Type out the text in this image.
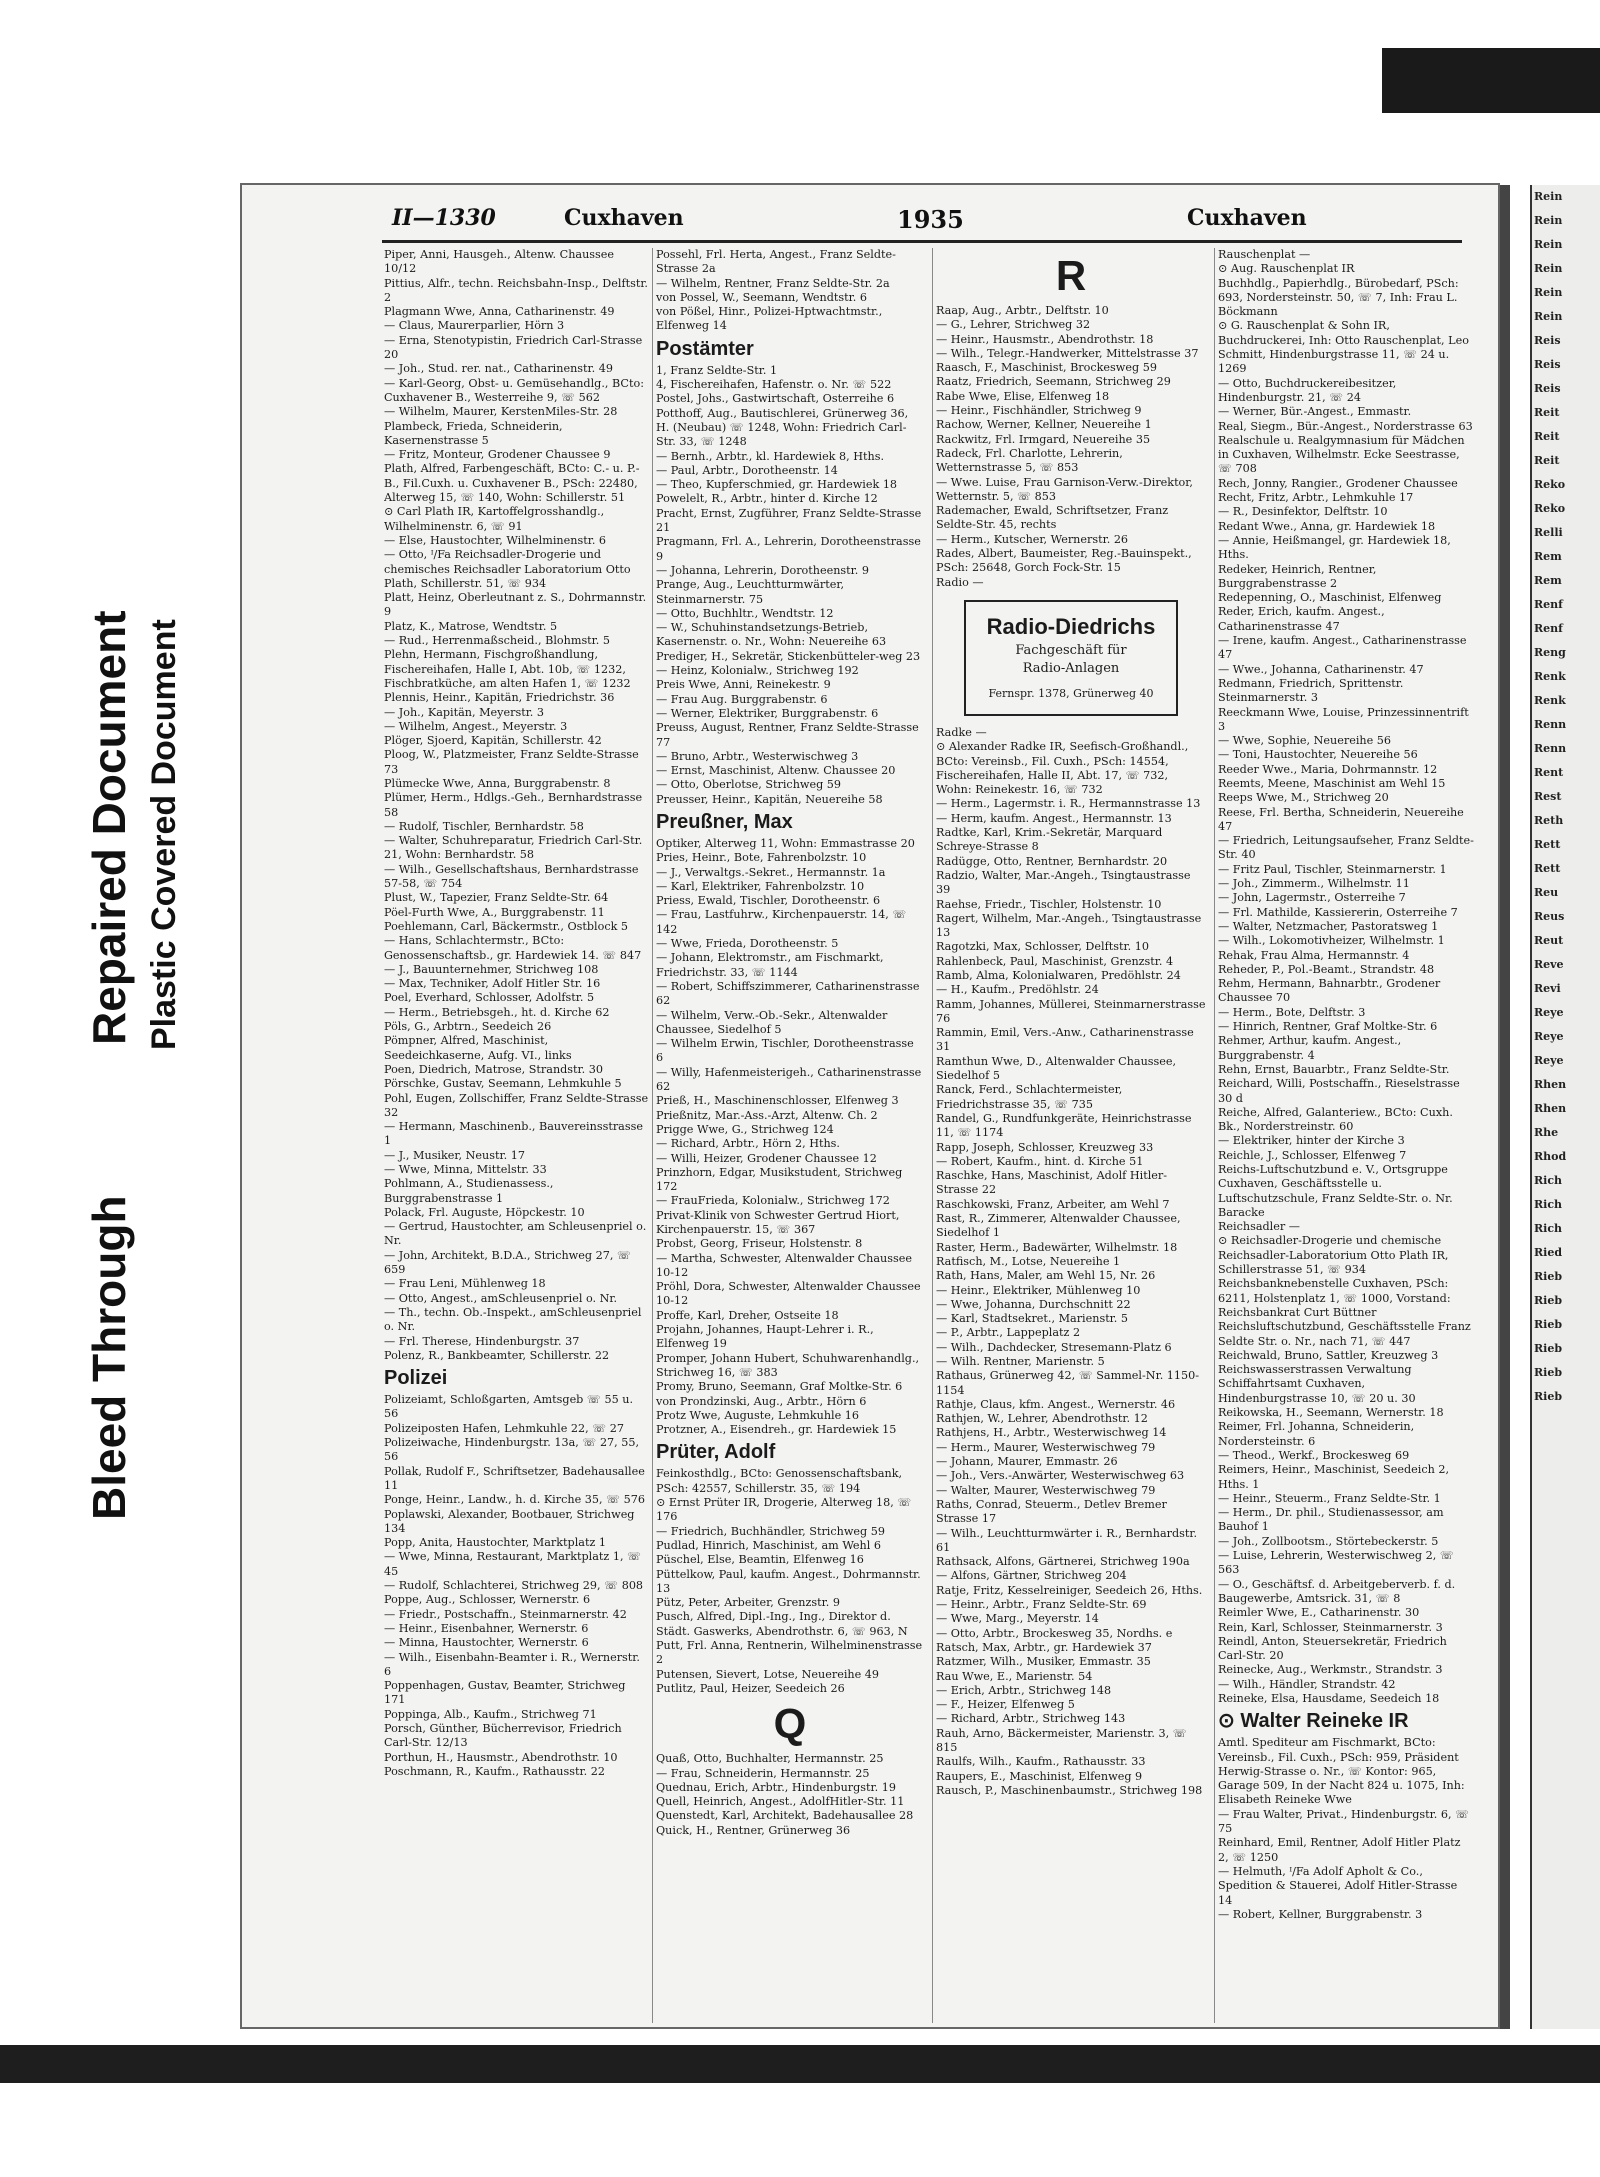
Bleed Through
Repaired Document Plastic Covered Document
II—1330	Cuxhaven	1935	Cuxhaven
Piper, Anni, Hausgeh., Altenw. Chaussee 10/12
Pittius, Alfr., techn. Reichsbahn-Insp., Delftstr. 2
Plagmann Wwe, Anna, Catharinenstr. 49
— Claus, Maurerparlier, Hörn 3
— Erna, Stenotypistin, Friedrich Carl-Strasse 20
— Joh., Stud. rer. nat., Catharinenstr. 49
— Karl-Georg, Obst- u. Gemüsehandlg., BCto: Cuxhavener B., Westerreihe 9, ☏ 562
— Wilhelm, Maurer, KerstenMiles-Str. 28
Plambeck, Frieda, Schneiderin, Kasernenstrasse 5
— Fritz, Monteur, Grodener Chaussee 9
Plath, Alfred, Farbengeschäft, BCto: C.- u. P.-B., Fil.Cuxh. u. Cuxhavener B., PSch: 22480, Alterweg 15, ☏ 140, Wohn: Schillerstr. 51
⊙ Carl Plath IR, Kartoffelgrosshandlg., Wilhelminenstr. 6, ☏ 91
— Else, Haustochter, Wilhelminenstr. 6
— Otto, ᴵ/Fa Reichsadler-Drogerie und chemisches Reichsadler Laboratorium Otto Plath, Schillerstr. 51, ☏ 934
Platt, Heinz, Oberleutnant z. S., Dohrmannstr. 9
Platz, K., Matrose, Wendtstr. 5
— Rud., Herrenmaßscheid., Blohmstr. 5
Plehn, Hermann, Fischgroßhandlung, Fischereihafen, Halle I, Abt. 10b, ☏ 1232, Fischbratküche, am alten Hafen 1, ☏ 1232
Plennis, Heinr., Kapitän, Friedrichstr. 36
— Joh., Kapitän, Meyerstr. 3
— Wilhelm, Angest., Meyerstr. 3
Plöger, Sjoerd, Kapitän, Schillerstr. 42
Ploog, W., Platzmeister, Franz Seldte-Strasse 73
Plümecke Wwe, Anna, Burggrabenstr. 8
Plümer, Herm., Hdlgs.-Geh., Bernhardstrasse 58
— Rudolf, Tischler, Bernhardstr. 58
— Walter, Schuhreparatur, Friedrich Carl-Str. 21, Wohn: Bernhardstr. 58
— Wilh., Gesellschaftshaus, Bernhardstrasse 57-58, ☏ 754
Plust, W., Tapezier, Franz Seldte-Str. 64
Pöel-Furth Wwe, A., Burggrabenstr. 11
Poehlemann, Carl, Bäckermstr., Ostblock 5
— Hans, Schlachtermstr., BCto: Genossenschaftsb., gr. Hardewiek 14. ☏ 847
— J., Bauunternehmer, Strichweg 108
— Max, Techniker, Adolf Hitler Str. 16
Poel, Everhard, Schlosser, Adolfstr. 5
— Herm., Betriebsgeh., ht. d. Kirche 62
Pöls, G., Arbtrn., Seedeich 26
Pömpner, Alfred, Maschinist, Seedeichkaserne, Aufg. VI., links
Poen, Diedrich, Matrose, Strandstr. 30
Pörschke, Gustav, Seemann, Lehmkuhle 5
Pohl, Eugen, Zollschiffer, Franz Seldte-Strasse 32
— Hermann, Maschinenb., Bauvereinsstrasse 1
— J., Musiker, Neustr. 17
— Wwe, Minna, Mittelstr. 33
Pohlmann, A., Studienassess., Burggrabenstrasse 1
Polack, Frl. Auguste, Höpckestr. 10
— Gertrud, Haustochter, am Schleusenpriel o. Nr.
— John, Architekt, B.D.A., Strichweg 27, ☏ 659
— Frau Leni, Mühlenweg 18
— Otto, Angest., amSchleusenpriel o. Nr.
— Th., techn. Ob.-Inspekt., amSchleusenpriel o. Nr.
— Frl. Therese, Hindenburgstr. 37
Polenz, R., Bankbeamter, Schillerstr. 22
Polizei
Polizeiamt, Schloßgarten, Amtsgeb ☏ 55 u. 56
Polizeiposten Hafen, Lehmkuhle 22, ☏ 27
Polizeiwache, Hindenburgstr. 13a, ☏ 27, 55, 56
Pollak, Rudolf F., Schriftsetzer, Badehausallee 11
Ponge, Heinr., Landw., h. d. Kirche 35, ☏ 576
Poplawski, Alexander, Bootbauer, Strichweg 134
Popp, Anita, Haustochter, Marktplatz 1
— Wwe, Minna, Restaurant, Marktplatz 1, ☏ 45
— Rudolf, Schlachterei, Strichweg 29, ☏ 808
Poppe, Aug., Schlosser, Wernerstr. 6
— Friedr., Postschaffn., Steinmarnerstr. 42
— Heinr., Eisenbahner, Wernerstr. 6
— Minna, Haustochter, Wernerstr. 6
— Wilh., Eisenbahn-Beamter i. R., Wernerstr. 6
Poppenhagen, Gustav, Beamter, Strichweg 171
Poppinga, Alb., Kaufm., Strichweg 71
Porsch, Günther, Bücherrevisor, Friedrich Carl-Str. 12/13
Porthun, H., Hausmstr., Abendrothstr. 10
Poschmann, R., Kaufm., Rathausstr. 22
Possehl, Frl. Herta, Angest., Franz Seldte-Strasse 2a
— Wilhelm, Rentner, Franz Seldte-Str. 2a
von Possel, W., Seemann, Wendtstr. 6
von Pößel, Hinr., Polizei-Hptwachtmstr., Elfenweg 14
Postämter
1, Franz Seldte-Str. 1
4, Fischereihafen, Hafenstr. o. Nr. ☏ 522
Postel, Johs., Gastwirtschaft, Osterreihe 6
Potthoff, Aug., Bautischlerei, Grünerweg 36, H. (Neubau) ☏ 1248, Wohn: Friedrich Carl-Str. 33, ☏ 1248
— Bernh., Arbtr., kl. Hardewiek 8, Hths.
— Paul, Arbtr., Dorotheenstr. 14
— Theo, Kupferschmied, gr. Hardewiek 18
Powelelt, R., Arbtr., hinter d. Kirche 12
Pracht, Ernst, Zugführer, Franz Seldte-Strasse 21
Pragmann, Frl. A., Lehrerin, Dorotheenstrasse 9
— Johanna, Lehrerin, Dorotheenstr. 9
Prange, Aug., Leuchtturmwärter, Steinmarnerstr. 75
— Otto, Buchhltr., Wendtstr. 12
— W., Schuhinstandsetzungs-Betrieb, Kasernenstr. o. Nr., Wohn: Neuereihe 63
Prediger, H., Sekretär, Stickenbütteler-weg 23
— Heinz, Kolonialw., Strichweg 192
Preis Wwe, Anni, Reinekestr. 9
— Frau Aug. Burggrabenstr. 6
— Werner, Elektriker, Burggrabenstr. 6
Preuss, August, Rentner, Franz Seldte-Strasse 77
— Bruno, Arbtr., Westerwischweg 3
— Ernst, Maschinist, Altenw. Chaussee 20
— Otto, Oberlotse, Strichweg 59
Preusser, Heinr., Kapitän, Neuereihe 58
Preußner, Max
Optiker, Alterweg 11, Wohn: Emmastrasse 20
Pries, Heinr., Bote, Fahrenbolzstr. 10
— J., Verwaltgs.-Sekret., Hermannstr. 1a
— Karl, Elektriker, Fahrenbolzstr. 10
Priess, Ewald, Tischler, Dorotheenstr. 6
— Frau, Lastfuhrw., Kirchenpauerstr. 14, ☏ 142
— Wwe, Frieda, Dorotheenstr. 5
— Johann, Elektromstr., am Fischmarkt, Friedrichstr. 33, ☏ 1144
— Robert, Schiffszimmerer, Catharinenstrasse 62
— Wilhelm, Verw.-Ob.-Sekr., Altenwalder Chaussee, Siedelhof 5
— Wilhelm Erwin, Tischler, Dorotheenstrasse 6
— Willy, Hafenmeisterigeh., Catharinenstrasse 62
Prieß, H., Maschinenschlosser, Elfenweg 3
Prießnitz, Mar.-Ass.-Arzt, Altenw. Ch. 2
Prigge Wwe, G., Strichweg 124
— Richard, Arbtr., Hörn 2, Hths.
— Willi, Heizer, Grodener Chaussee 12
Prinzhorn, Edgar, Musikstudent, Strichweg 172
— FrauFrieda, Kolonialw., Strichweg 172
Privat-Klinik von Schwester Gertrud Hiort, Kirchenpauerstr. 15, ☏ 367
Probst, Georg, Friseur, Holstenstr. 8
— Martha, Schwester, Altenwalder Chaussee 10-12
Pröhl, Dora, Schwester, Altenwalder Chaussee 10-12
Proffe, Karl, Dreher, Ostseite 18
Projahn, Johannes, Haupt-Lehrer i. R., Elfenweg 19
Promper, Johann Hubert, Schuhwarenhandlg., Strichweg 16, ☏ 383
Promy, Bruno, Seemann, Graf Moltke-Str. 6
von Prondzinski, Aug., Arbtr., Hörn 6
Protz Wwe, Auguste, Lehmkuhle 16
Protzner, A., Eisendreh., gr. Hardewiek 15
Prüter, Adolf
Feinkosthdlg., BCto: Genossenschaftsbank, PSch: 42557, Schillerstr. 35, ☏ 194
⊙ Ernst Prüter IR, Drogerie, Alterweg 18, ☏ 176
— Friedrich, Buchhändler, Strichweg 59
Pudlad, Hinrich, Maschinist, am Wehl 6
Püschel, Else, Beamtin, Elfenweg 16
Püttelkow, Paul, kaufm. Angest., Dohrmannstr. 13
Pütz, Peter, Arbeiter, Grenzstr. 9
Pusch, Alfred, Dipl.-Ing., Ing., Direktor d. Städt. Gaswerks, Abendrothstr. 6, ☏ 963, N
Putt, Frl. Anna, Rentnerin, Wilhelminenstrasse 2
Putensen, Sievert, Lotse, Neuereihe 49
Putlitz, Paul, Heizer, Seedeich 26
Q
Quaß, Otto, Buchhalter, Hermannstr. 25
— Frau, Schneiderin, Hermannstr. 25
Quednau, Erich, Arbtr., Hindenburgstr. 19
Quell, Heinrich, Angest., AdolfHitler-Str. 11
Quenstedt, Karl, Architekt, Badehausallee 28
Quick, H., Rentner, Grünerweg 36
R
Raap, Aug., Arbtr., Delftstr. 10
— G., Lehrer, Strichweg 32
— Heinr., Hausmstr., Abendrothstr. 18
— Wilh., Telegr.-Handwerker, Mittelstrasse 37
Raasch, F., Maschinist, Brockesweg 59
Raatz, Friedrich, Seemann, Strichweg 29
Rabe Wwe, Elise, Elfenweg 18
— Heinr., Fischhändler, Strichweg 9
Rachow, Werner, Kellner, Neuereihe 1
Rackwitz, Frl. Irmgard, Neuereihe 35
Radeck, Frl. Charlotte, Lehrerin, Wetternstrasse 5, ☏ 853
— Wwe. Luise, Frau Garnison-Verw.-Direktor, Wetternstr. 5, ☏ 853
Rademacher, Ewald, Schriftsetzer, Franz Seldte-Str. 45, rechts
— Herm., Kutscher, Wernerstr. 26
Rades, Albert, Baumeister, Reg.-Bauinspekt., PSch: 25648, Gorch Fock-Str. 15
Radio —
Radio-Diedrichs
Fachgeschäft für
Radio-Anlagen
Fernspr. 1378, Grünerweg 40
Radke —
⊙ Alexander Radke IR, Seefisch-Großhandl., BCto: Vereinsb., Fil. Cuxh., PSch: 14554, Fischereihafen, Halle II, Abt. 17, ☏ 732, Wohn: Reinekestr. 16, ☏ 732
— Herm., Lagermstr. i. R., Hermannstrasse 13
— Herm, kaufm. Angest., Hermannstr. 13
Radtke, Karl, Krim.-Sekretär, Marquard Schreye-Strasse 8
Radügge, Otto, Rentner, Bernhardstr. 20
Radzio, Walter, Mar.-Angeh., Tsingtaustrasse 39
Raehse, Friedr., Tischler, Holstenstr. 10
Ragert, Wilhelm, Mar.-Angeh., Tsingtaustrasse 13
Ragotzki, Max, Schlosser, Delftstr. 10
Rahlenbeck, Paul, Maschinist, Grenzstr. 4
Ramb, Alma, Kolonialwaren, Predöhlstr. 24
— H., Kaufm., Predöhlstr. 24
Ramm, Johannes, Müllerei, Steinmarnerstrasse 76
Rammin, Emil, Vers.-Anw., Catharinenstrasse 31
Ramthun Wwe, D., Altenwalder Chaussee, Siedelhof 5
Ranck, Ferd., Schlachtermeister, Friedrichstrasse 35, ☏ 735
Randel, G., Rundfunkgeräte, Heinrichstrasse 11, ☏ 1174
Rapp, Joseph, Schlosser, Kreuzweg 33
— Robert, Kaufm., hint. d. Kirche 51
Raschke, Hans, Maschinist, Adolf Hitler-Strasse 22
Raschkowski, Franz, Arbeiter, am Wehl 7
Rast, R., Zimmerer, Altenwalder Chaussee, Siedelhof 1
Raster, Herm., Badewärter, Wilhelmstr. 18
Ratfisch, M., Lotse, Neuereihe 1
Rath, Hans, Maler, am Wehl 15, Nr. 26
— Heinr., Elektriker, Mühlenweg 10
— Wwe, Johanna, Durchschnitt 22
— Karl, Stadtsekret., Marienstr. 5
— P., Arbtr., Lappeplatz 2
— Wilh., Dachdecker, Stresemann-Platz 6
— Wilh. Rentner, Marienstr. 5
Rathaus, Grünerweg 42, ☏ Sammel-Nr. 1150-1154
Rathje, Claus, kfm. Angest., Wernerstr. 46
Rathjen, W., Lehrer, Abendrothstr. 12
Rathjens, H., Arbtr., Westerwischweg 14
— Herm., Maurer, Westerwischweg 79
— Johann, Maurer, Emmastr. 26
— Joh., Vers.-Anwärter, Westerwischweg 63
— Walter, Maurer, Westerwischweg 79
Raths, Conrad, Steuerm., Detlev Bremer Strasse 17
— Wilh., Leuchtturmwärter i. R., Bernhardstr. 61
Rathsack, Alfons, Gärtnerei, Strichweg 190a
— Alfons, Gärtner, Strichweg 204
Ratje, Fritz, Kesselreiniger, Seedeich 26, Hths.
— Heinr., Arbtr., Franz Seldte-Str. 69
— Wwe, Marg., Meyerstr. 14
— Otto, Arbtr., Brockesweg 35, Nordhs. e
Ratsch, Max, Arbtr., gr. Hardewiek 37
Ratzmer, Wilh., Musiker, Emmastr. 35
Rau Wwe, E., Marienstr. 54
— Erich, Arbtr., Strichweg 148
— F., Heizer, Elfenweg 5
— Richard, Arbtr., Strichweg 143
Rauh, Arno, Bäckermeister, Marienstr. 3, ☏ 815
Raulfs, Wilh., Kaufm., Rathausstr. 33
Raupers, E., Maschinist, Elfenweg 9
Rausch, P., Maschinenbaumstr., Strichweg 198
Rauschenplat —
⊙ Aug. Rauschenplat IR
Buchhdlg., Papierhdlg., Bürobedarf, PSch: 693, Nordersteinstr. 50, ☏ 7, Inh: Frau L. Böckmann
⊙ G. Rauschenplat & Sohn IR, Buchdruckerei, Inh: Otto Rauschenplat, Leo Schmitt, Hindenburgstrasse 11, ☏ 24 u. 1269
— Otto, Buchdruckereibesitzer, Hindenburgstr. 21, ☏ 24
— Werner, Bür.-Angest., Emmastr.
Real, Siegm., Bür.-Angest., Norderstrasse 63
Realschule u. Realgymnasium für Mädchen in Cuxhaven, Wilhelmstr. Ecke Seestrasse, ☏ 708
Rech, Jonny, Rangier., Grodener Chaussee
Recht, Fritz, Arbtr., Lehmkuhle 17
— R., Desinfektor, Delftstr. 10
Redant Wwe., Anna, gr. Hardewiek 18
— Annie, Heißmangel, gr. Hardewiek 18, Hths.
Redeker, Heinrich, Rentner, Burggrabenstrasse 2
Redepenning, O., Maschinist, Elfenweg
Reder, Erich, kaufm. Angest., Catharinenstrasse 47
— Irene, kaufm. Angest., Catharinenstrasse 47
— Wwe., Johanna, Catharinenstr. 47
Redmann, Friedrich, Sprittenstr. Steinmarnerstr. 3
Reeckmann Wwe, Louise, Prinzessinnentrift 3
— Wwe, Sophie, Neuereihe 56
— Toni, Haustochter, Neuereihe 56
Reeder Wwe., Maria, Dohrmannstr. 12
Reemts, Meene, Maschinist am Wehl 15
Reeps Wwe, M., Strichweg 20
Reese, Frl. Bertha, Schneiderin, Neuereihe 47
— Friedrich, Leitungsaufseher, Franz Seldte-Str. 40
— Fritz Paul, Tischler, Steinmarnerstr. 1
— Joh., Zimmerm., Wilhelmstr. 11
— John, Lagermstr., Osterreihe 7
— Frl. Mathilde, Kassiererin, Osterreihe 7
— Walter, Netzmacher, Pastoratsweg 1
— Wilh., Lokomotivheizer, Wilhelmstr. 1
Rehak, Frau Alma, Hermannstr. 4
Reheder, P., Pol.-Beamt., Strandstr. 48
Rehm, Hermann, Bahnarbtr., Grodener Chaussee 70
— Herm., Bote, Delftstr. 3
— Hinrich, Rentner, Graf Moltke-Str. 6
Rehmer, Arthur, kaufm. Angest., Burggrabenstr. 4
Rehn, Ernst, Bauarbtr., Franz Seldte-Str.
Reichard, Willi, Postschaffn., Rieselstrasse 30 d
Reiche, Alfred, Galanteriew., BCto: Cuxh. Bk., Norderstreinstr. 60
— Elektriker, hinter der Kirche 3
Reichle, J., Schlosser, Elfenweg 7
Reichs-Luftschutzbund e. V., Ortsgruppe Cuxhaven, Geschäftsstelle u. Luftschutzschule, Franz Seldte-Str. o. Nr. Baracke
Reichsadler —
⊙ Reichsadler-Drogerie und chemische Reichsadler-Laboratorium Otto Plath IR, Schillerstrasse 51, ☏ 934
Reichsbanknebenstelle Cuxhaven, PSch: 6211, Holstenplatz 1, ☏ 1000, Vorstand: Reichsbankrat Curt Büttner
Reichsluftschutzbund, Geschäftsstelle Franz Seldte Str. o. Nr., nach 71, ☏ 447
Reichwald, Bruno, Sattler, Kreuzweg 3
Reichswasserstrassen Verwaltung Schiffahrtsamt Cuxhaven, Hindenburgstrasse 10, ☏ 20 u. 30
Reikowska, H., Seemann, Wernerstr. 18
Reimer, Frl. Johanna, Schneiderin, Nordersteinstr. 6
— Theod., Werkf., Brockesweg 69
Reimers, Heinr., Maschinist, Seedeich 2, Hths. 1
— Heinr., Steuerm., Franz Seldte-Str. 1
— Herm., Dr. phil., Studienassessor, am Bauhof 1
— Joh., Zollbootsm., Störtebeckerstr. 5
— Luise, Lehrerin, Westerwischweg 2, ☏ 563
— O., Geschäftsf. d. Arbeitgeberverb. f. d. Baugewerbe, Amtsrick. 31, ☏ 8
Reimler Wwe, E., Catharinenstr. 30
Rein, Karl, Schlosser, Steinmarnerstr. 3
Reindl, Anton, Steuersekretär, Friedrich Carl-Str. 20
Reinecke, Aug., Werkmstr., Strandstr. 3
— Wilh., Händler, Strandstr. 42
Reineke, Elsa, Hausdame, Seedeich 18
⊙ Walter Reineke IR
Amtl. Spediteur am Fischmarkt, BCto: Vereinsb., Fil. Cuxh., PSch: 959, Präsident Herwig-Strasse o. Nr., ☏ Kontor: 965, Garage 509, In der Nacht 824 u. 1075, Inh: Elisabeth Reineke Wwe
— Frau Walter, Privat., Hindenburgstr. 6, ☏ 75
Reinhard, Emil, Rentner, Adolf Hitler Platz 2, ☏ 1250
— Helmuth, ᴵ/Fa Adolf Apholt & Co., Spedition & Stauerei, Adolf Hitler-Strasse 14
— Robert, Kellner, Burggrabenstr. 3
Rein
Rein
Rein
Rein
Rein
Rein
Reis
Reis
Reis
Reit
Reit
Reit
Reko
Reko
Relli
Rem
Rem
Renf
Renf
Reng
Renk
Renk
Renn
Renn
Rent
Rest
Reth
Rett
Rett
Reu
Reus
Reut
Reve
Revi
Reye
Reye
Reye
Rhen
Rhen
Rhe
Rhod
Rich
Rich
Rich
Ried
Rieb
Rieb
Rieb
Rieb
Rieb
Rieb
